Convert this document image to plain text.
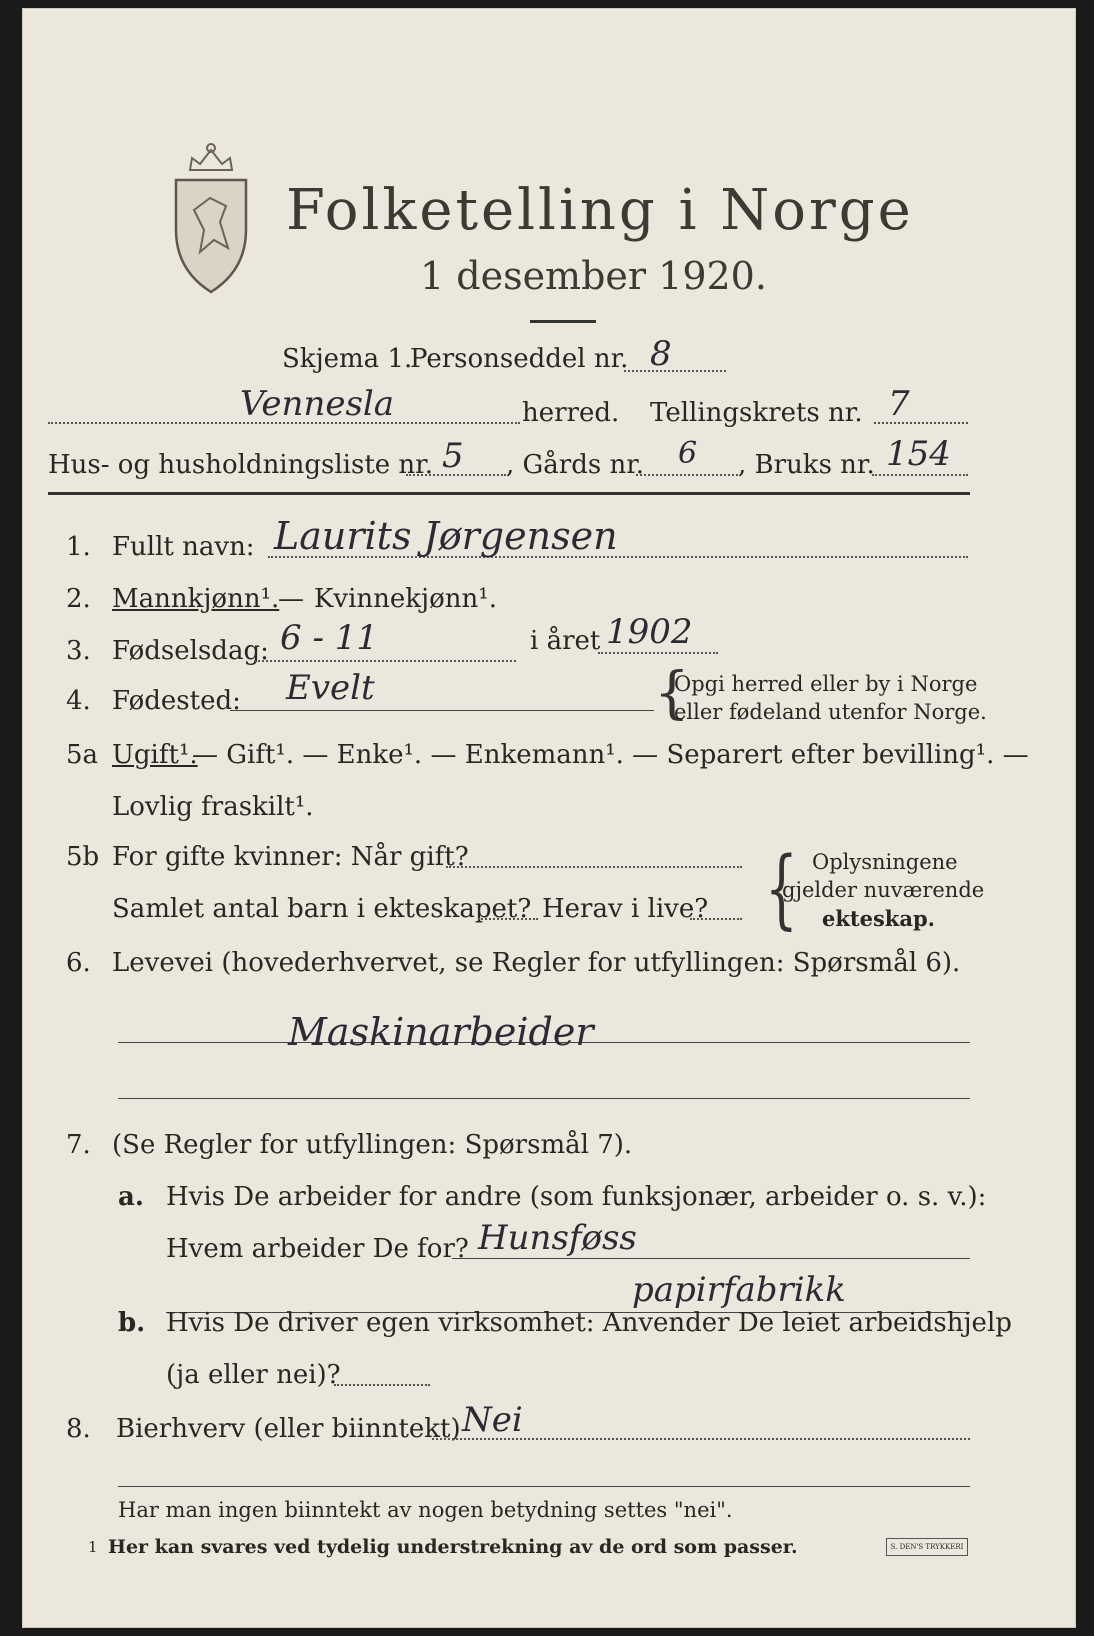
Folketelling i Norge
1 desember 1920.
Skjema 1.
Personseddel nr. 8
Vennesla	herred. Tellingskrets nr. 7
Hus- og husholdningsliste nr. 5 , Gårds nr. 6 , Bruks nr. 154
1. Fullt navn: Laurits Jørgensen
2. Mannkjønn¹.
— Kvinnekjønn¹.
3. Fødselsdag: 6 - 11	i året 1902
4. Fødested: Evelt	{
Opgi herred eller by i Norge
eller fødeland utenfor Norge.
5a Ugift¹.
— Gift¹. — Enke¹. — Enkemann¹. — Separert efter bevilling¹. —
Lovlig fraskilt¹.
5b For gifte kvinner: Når gift?
Samlet antal barn i ekteskapet? Herav i live? { Oplysningene
gjelder nuværende
ekteskap.
6. Levevei (hovederhvervet, se Regler for utfyllingen: Spørsmål 6).
Maskinarbeider
7. (Se Regler for utfyllingen: Spørsmål 7).
a. Hvis De arbeider for andre (som funksjonær, arbeider o. s. v.):
Hvem arbeider De for? Hunsføss
papirfabrikk
b. Hvis De driver egen virksomhet: Anvender De leiet arbeidshjelp
(ja eller nei)?
8. Bierhverv (eller biinntekt) Nei
Har man ingen biinntekt av nogen betydning settes "nei".
1 Her kan svares ved tydelig understrekning av de ord som passer.	S. DEN'S TRYKKERI
